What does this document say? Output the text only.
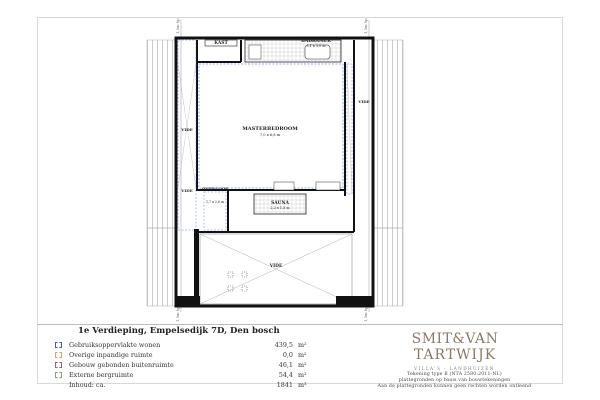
1,5m hp	1,5m hp
1,5m hp	1,5m hp
KAST	BADKAMER
3,1 x 3,0 m
MASTERBEDROOM
7,0 x 6,8 m
SAUNA
2,2 x 1,5 m
OVER-LOOP
1,7 x 2,6 m
VIDE
VIDE
VIDE
VIDE
1e Verdieping, Empelsedijk 7D, Den bosch
Gebruiksoppervlakte wonen	439,5 m²
Overige inpandige ruimte	0,0 m²
Gebouw gebonden buitenruimte	46,1 m²
Externe bergruimte	54,4 m²
Inhoud: ca.	1841 m³
SMIT&VAN
TARTWIJK
VILLA'S - LANDHUIZEN
Tekening type B (NTA 2580:2011-NL)
plattegronden op basis van bouwtekeningen
Aan de plattegronden kunnen geen rechten worden ontleend
